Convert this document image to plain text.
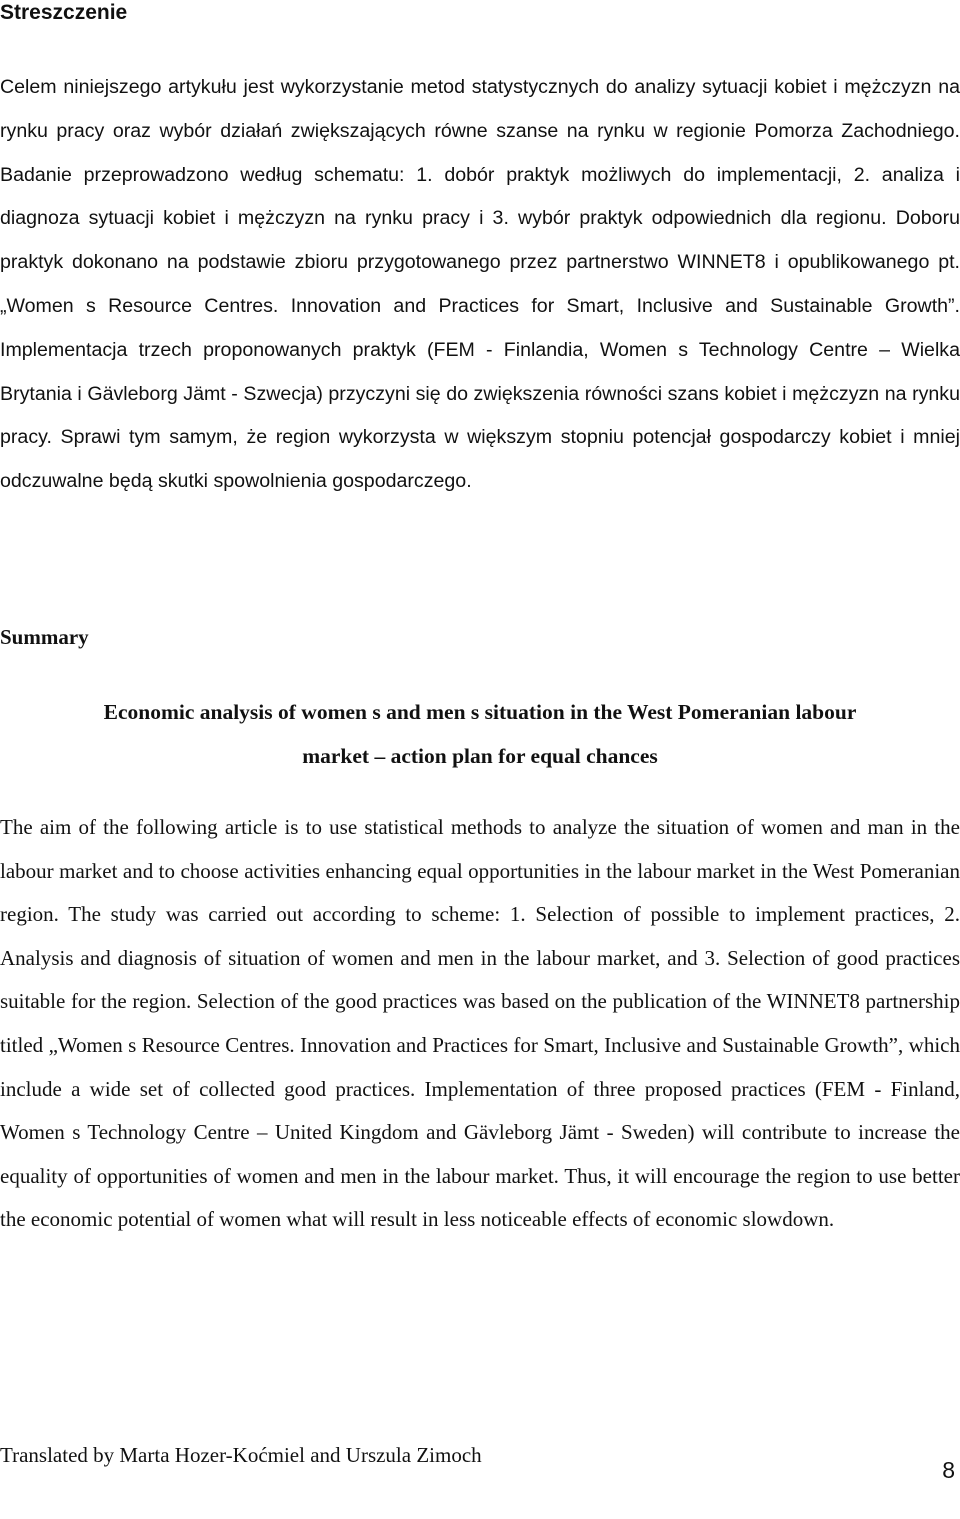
Streszczenie

Celem niniejszego artykułu jest wykorzystanie metod statystycznych do analizy sytuacji kobiet i mężczyzn na rynku pracy oraz wybór działań zwiększających równe szanse na rynku w regionie Pomorza Zachodniego. Badanie przeprowadzono według schematu: 1. dobór praktyk możliwych do implementacji, 2. analiza i diagnoza sytuacji kobiet i mężczyzn na rynku pracy i 3. wybór praktyk odpowiednich dla regionu. Doboru praktyk dokonano na podstawie zbioru przygotowanego przez partnerstwo WINNET8 i opublikowanego pt. „Women s Resource Centres. Innovation and Practices for Smart, Inclusive and Sustainable Growth”. Implementacja trzech proponowanych praktyk (FEM - Finlandia, Women s Technology Centre – Wielka Brytania i Gävleborg Jämt - Szwecja) przyczyni się do zwiększenia równości szans kobiet i mężczyzn na rynku pracy. Sprawi tym samym, że region wykorzysta w większym stopniu potencjał gospodarczy kobiet i mniej odczuwalne będą skutki spowolnienia gospodarczego.

Summary
Economic analysis of women s and men s situation in the West Pomeranian labour
market – action plan for equal chances

The aim of the following article is to use statistical methods to analyze the situation of women and man in the labour market and to choose activities enhancing equal opportunities in the labour market in the West Pomeranian region. The study was carried out according to scheme: 1. Selection of possible to implement practices, 2. Analysis and diagnosis of situation of women and men in the labour market, and 3. Selection of good practices suitable for the region. Selection of the good practices was based on the publication of the WINNET8 partnership titled „Women s Resource Centres. Innovation and Practices for Smart, Inclusive and Sustainable Growth”, which include a wide set of collected good practices. Implementation of three proposed practices (FEM - Finland, Women s Technology Centre – United Kingdom and Gävleborg Jämt - Sweden) will contribute to increase the equality of opportunities of women and men in the labour market. Thus, it will encourage the region to use better the economic potential of women what will result in less noticeable effects of economic slowdown.

Translated by Marta Hozer-Koćmiel and Urszula Zimoch

8
